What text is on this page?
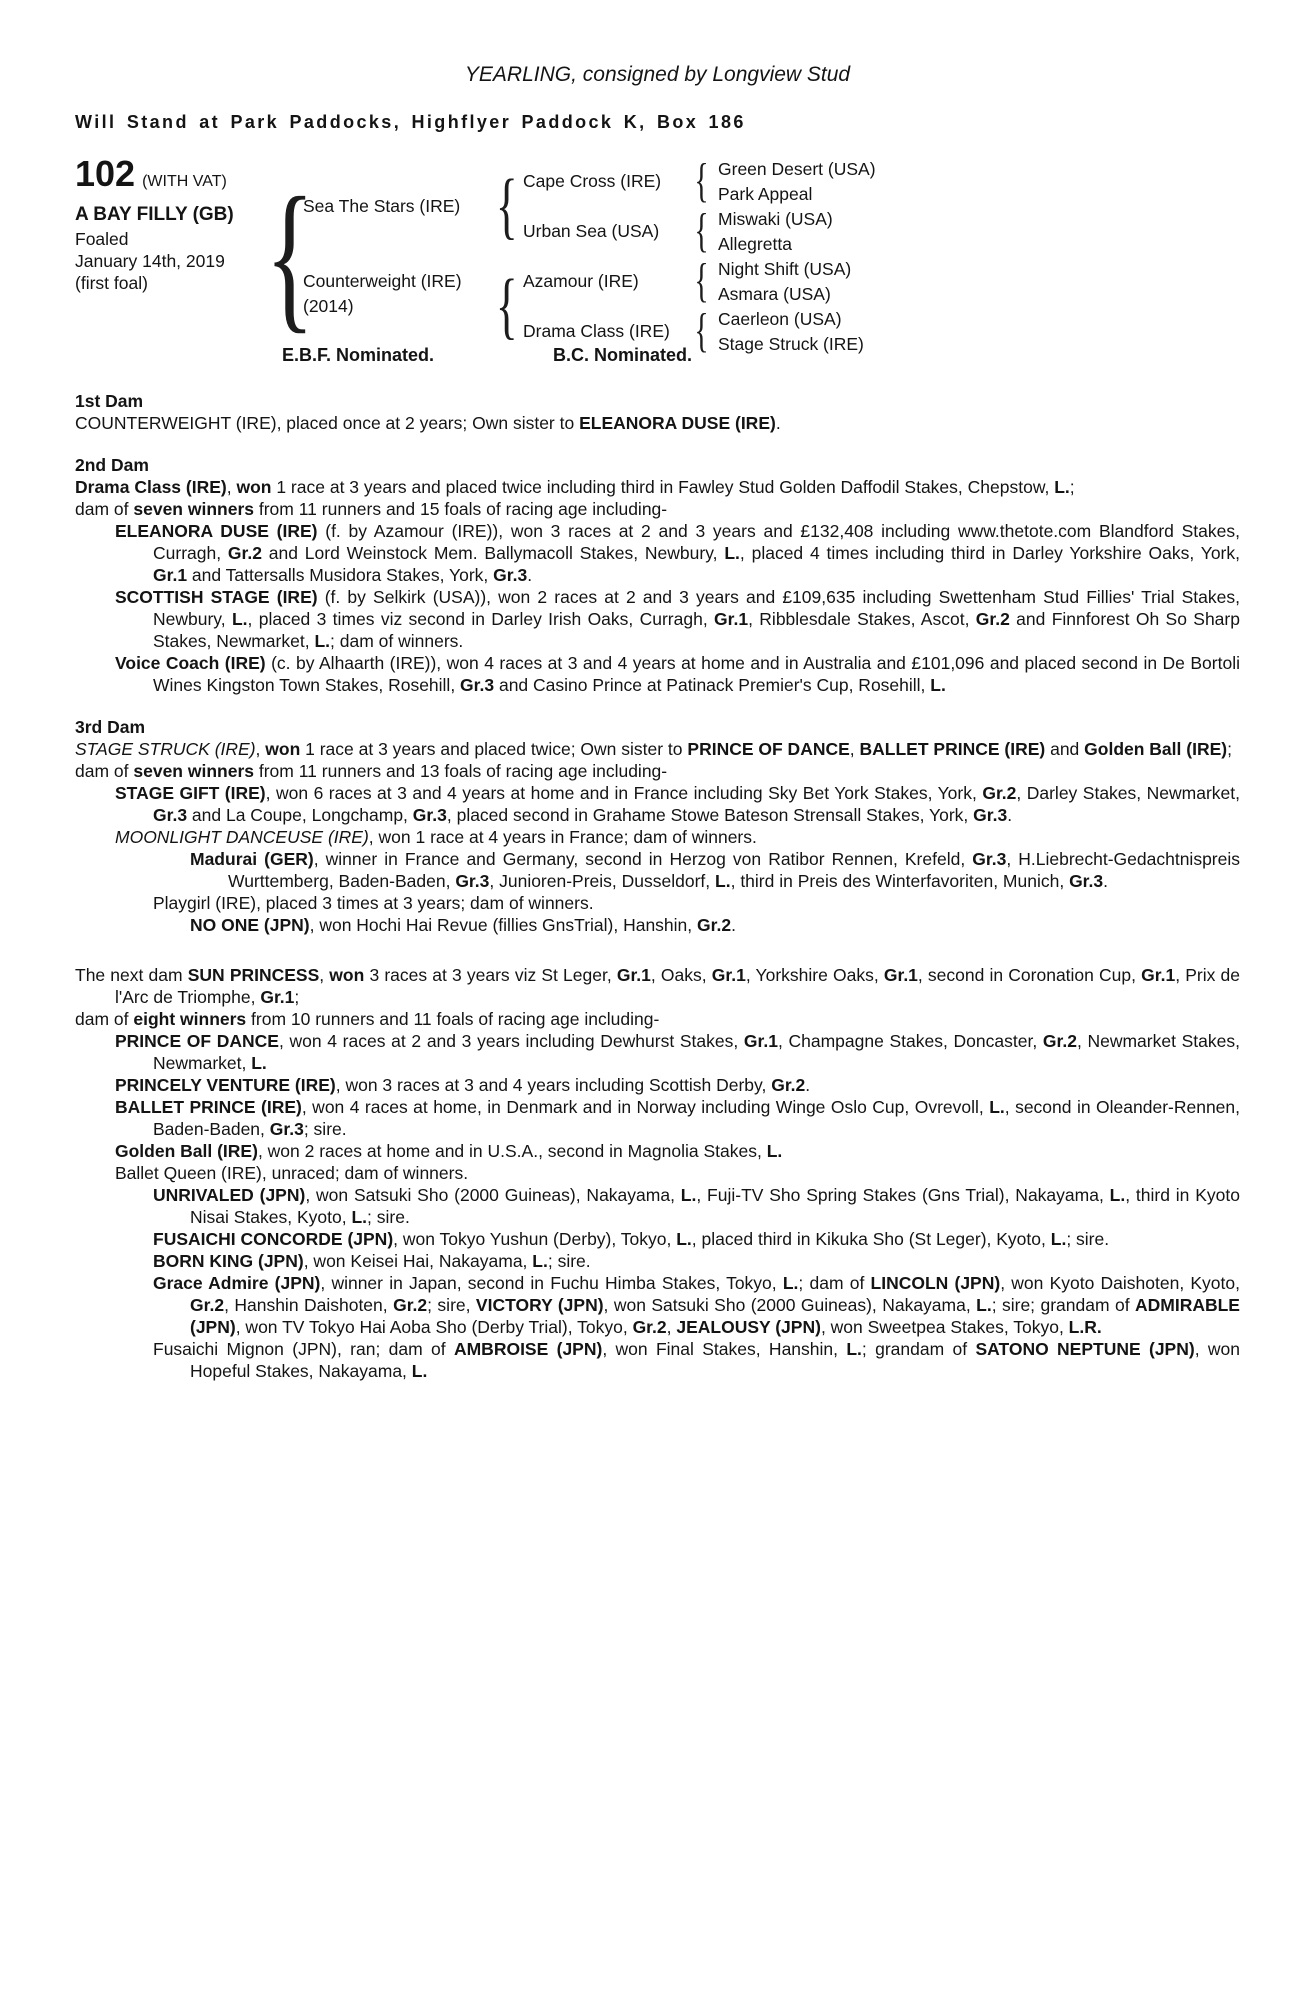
YEARLING, consigned by Longview Stud
Will Stand at Park Paddocks, Highflyer Paddock K, Box 186
102 (WITH VAT)
A BAY FILLY (GB)
Foaled
January 14th, 2019
(first foal)
{
Sea The Stars (IRE)
Counterweight (IRE)
(2014)
{
{
Cape Cross (IRE)
Urban Sea (USA)
Azamour (IRE)
Drama Class (IRE)
{
{
{
{
Green Desert (USA)
Park Appeal
Miswaki (USA)
Allegretta
Night Shift (USA)
Asmara (USA)
Caerleon (USA)
Stage Struck (IRE)
E.B.F. Nominated.	B.C. Nominated.
1st Dam

COUNTERWEIGHT (IRE), placed once at 2 years; Own sister to ELEANORA DUSE (IRE).

2nd Dam

Drama Class (IRE), won 1 race at 3 years and placed twice including third in Fawley Stud Golden Daffodil Stakes, Chepstow, L.;

dam of seven winners from 11 runners and 15 foals of racing age including-

ELEANORA DUSE (IRE) (f. by Azamour (IRE)), won 3 races at 2 and 3 years and £132,408 including www.thetote.com Blandford Stakes, Curragh, Gr.2 and Lord Weinstock Mem. Ballymacoll Stakes, Newbury, L., placed 4 times including third in Darley Yorkshire Oaks, York, Gr.1 and Tattersalls Musidora Stakes, York, Gr.3.

SCOTTISH STAGE (IRE) (f. by Selkirk (USA)), won 2 races at 2 and 3 years and £109,635 including Swettenham Stud Fillies' Trial Stakes, Newbury, L., placed 3 times viz second in Darley Irish Oaks, Curragh, Gr.1, Ribblesdale Stakes, Ascot, Gr.2 and Finnforest Oh So Sharp Stakes, Newmarket, L.; dam of winners.

Voice Coach (IRE) (c. by Alhaarth (IRE)), won 4 races at 3 and 4 years at home and in Australia and £101,096 and placed second in De Bortoli Wines Kingston Town Stakes, Rosehill, Gr.3 and Casino Prince at Patinack Premier's Cup, Rosehill, L.

3rd Dam

STAGE STRUCK (IRE), won 1 race at 3 years and placed twice; Own sister to PRINCE OF DANCE, BALLET PRINCE (IRE) and Golden Ball (IRE);

dam of seven winners from 11 runners and 13 foals of racing age including-

STAGE GIFT (IRE), won 6 races at 3 and 4 years at home and in France including Sky Bet York Stakes, York, Gr.2, Darley Stakes, Newmarket, Gr.3 and La Coupe, Longchamp, Gr.3, placed second in Grahame Stowe Bateson Strensall Stakes, York, Gr.3.

MOONLIGHT DANCEUSE (IRE), won 1 race at 4 years in France; dam of winners.

Madurai (GER), winner in France and Germany, second in Herzog von Ratibor Rennen, Krefeld, Gr.3, H.Liebrecht-Gedachtnispreis Wurttemberg, Baden-Baden, Gr.3, Junioren-Preis, Dusseldorf, L., third in Preis des Winterfavoriten, Munich, Gr.3.

Playgirl (IRE), placed 3 times at 3 years; dam of winners.

NO ONE (JPN), won Hochi Hai Revue (fillies GnsTrial), Hanshin, Gr.2.

The next dam SUN PRINCESS, won 3 races at 3 years viz St Leger, Gr.1, Oaks, Gr.1, Yorkshire Oaks, Gr.1, second in Coronation Cup, Gr.1, Prix de l'Arc de Triomphe, Gr.1;

dam of eight winners from 10 runners and 11 foals of racing age including-

PRINCE OF DANCE, won 4 races at 2 and 3 years including Dewhurst Stakes, Gr.1, Champagne Stakes, Doncaster, Gr.2, Newmarket Stakes, Newmarket, L.

PRINCELY VENTURE (IRE), won 3 races at 3 and 4 years including Scottish Derby, Gr.2.

BALLET PRINCE (IRE), won 4 races at home, in Denmark and in Norway including Winge Oslo Cup, Ovrevoll, L., second in Oleander-Rennen, Baden-Baden, Gr.3; sire.

Golden Ball (IRE), won 2 races at home and in U.S.A., second in Magnolia Stakes, L.

Ballet Queen (IRE), unraced; dam of winners.

UNRIVALED (JPN), won Satsuki Sho (2000 Guineas), Nakayama, L., Fuji-TV Sho Spring Stakes (Gns Trial), Nakayama, L., third in Kyoto Nisai Stakes, Kyoto, L.; sire.

FUSAICHI CONCORDE (JPN), won Tokyo Yushun (Derby), Tokyo, L., placed third in Kikuka Sho (St Leger), Kyoto, L.; sire.

BORN KING (JPN), won Keisei Hai, Nakayama, L.; sire.

Grace Admire (JPN), winner in Japan, second in Fuchu Himba Stakes, Tokyo, L.; dam of LINCOLN (JPN), won Kyoto Daishoten, Kyoto, Gr.2, Hanshin Daishoten, Gr.2; sire, VICTORY (JPN), won Satsuki Sho (2000 Guineas), Nakayama, L.; sire; grandam of ADMIRABLE (JPN), won TV Tokyo Hai Aoba Sho (Derby Trial), Tokyo, Gr.2, JEALOUSY (JPN), won Sweetpea Stakes, Tokyo, L.R.

Fusaichi Mignon (JPN), ran; dam of AMBROISE (JPN), won Final Stakes, Hanshin, L.; grandam of SATONO NEPTUNE (JPN), won Hopeful Stakes, Nakayama, L.
